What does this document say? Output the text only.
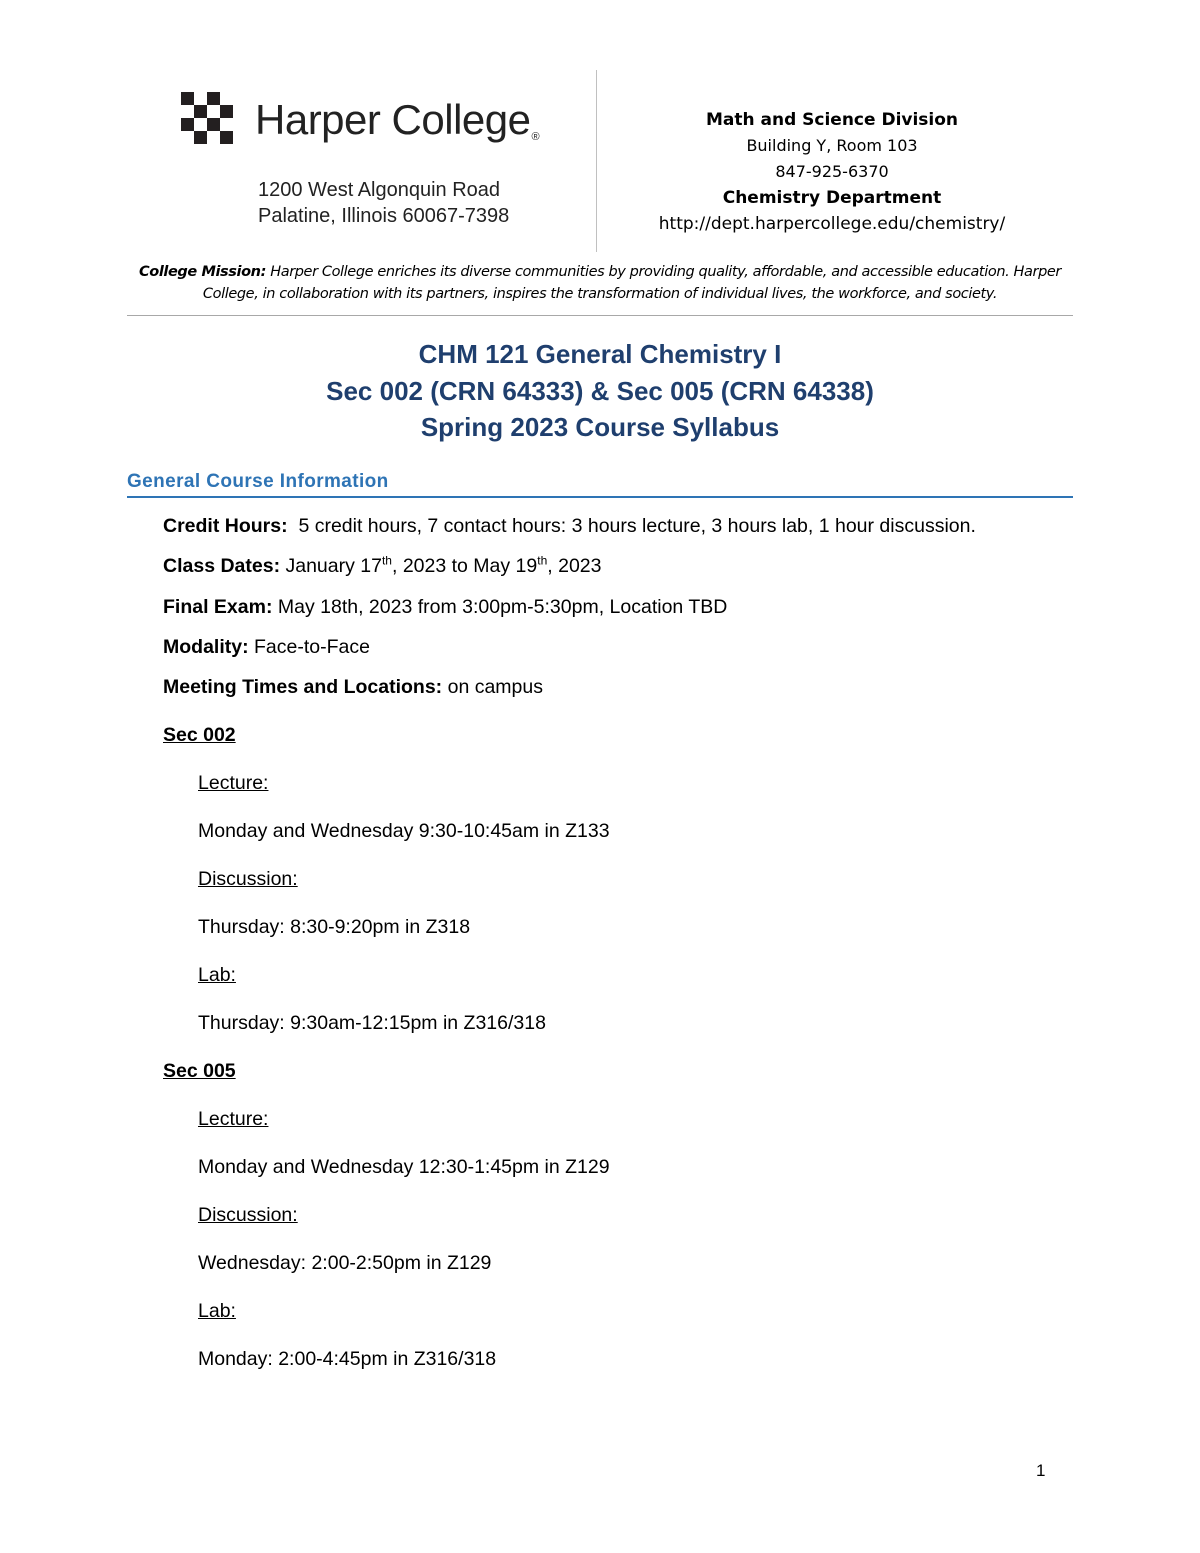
Harper College®
1200 West Algonquin Road
Palatine, Illinois 60067-7398
Math and Science Division
Building Y, Room 103
847-925-6370
Chemistry Department
http://dept.harpercollege.edu/chemistry/
College Mission: Harper College enriches its diverse communities by providing quality, affordable, and accessible education. Harper College, in collaboration with its partners, inspires the transformation of individual lives, the workforce, and society.
CHM 121 General Chemistry I
Sec 002 (CRN 64333) & Sec 005 (CRN 64338)
Spring 2023 Course Syllabus
General Course Information
Credit Hours: 5 credit hours, 7 contact hours: 3 hours lecture, 3 hours lab, 1 hour discussion.
Class Dates: January 17th, 2023 to May 19th, 2023
Final Exam: May 18th, 2023 from 3:00pm-5:30pm, Location TBD
Modality: Face-to-Face
Meeting Times and Locations: on campus
Sec 002
Lecture:
Monday and Wednesday 9:30-10:45am in Z133
Discussion:
Thursday: 8:30-9:20pm in Z318
Lab:
Thursday: 9:30am-12:15pm in Z316/318
Sec 005
Lecture:
Monday and Wednesday 12:30-1:45pm in Z129
Discussion:
Wednesday: 2:00-2:50pm in Z129
Lab:
Monday: 2:00-4:45pm in Z316/318
1
